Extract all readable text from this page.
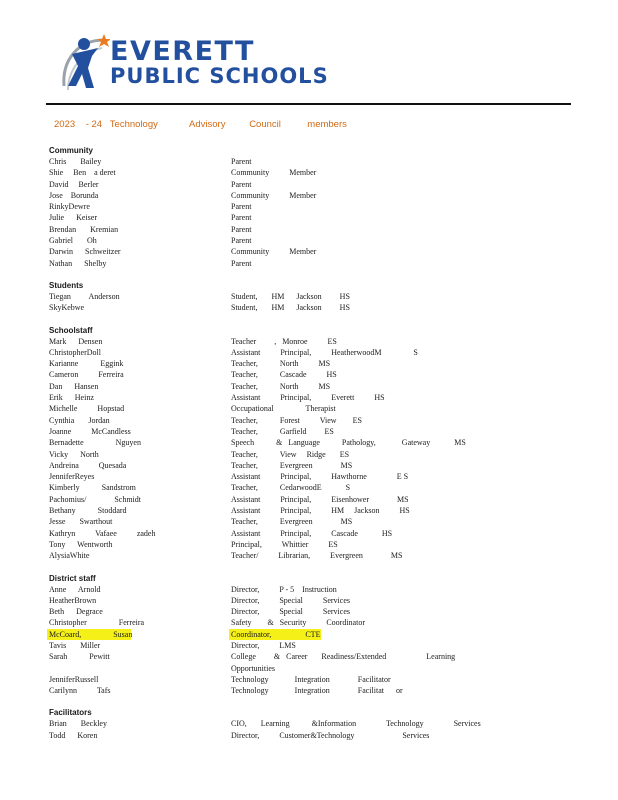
EVERETT
PUBLIC SCHOOLS
2023    - 24   Technology            Advisory         Council          members
Community
Chris       Bailey	Parent
Shie     Ben    a deret	Community          Member
David     Berler	Parent
Jose    Borunda	Community          Member
RinkyDewre	Parent
Julie      Keiser	Parent
Brendan       Kremian	Parent
Gabriel       Oh	Parent
Darwin      Schweitzer	Community          Member
Nathan      Shelby	Parent
Students
Tiegan         Anderson	Student,       HM      Jackson         HS
SkyKebwe	Student,       HM      Jackson         HS
Schoolstaff
Mark      Densen	Teacher         ,   Monroe          ES
ChristopherDoll	Assistant          Principal,          HeatherwoodM                S
Karianne           Eggink	Teacher,           North          MS
Cameron          Ferreira	Teacher,           Cascade          HS
Dan      Hansen	Teacher,           North          MS
Erik      Heinz	Assistant          Principal,          Everett          HS
Michelle          Hopstad	Occupational                Therapist
Cynthia       Jordan	Teacher,           Forest          View        ES
Joanne          McCandless	Teacher,           Garfield         ES
Bernadette                Nguyen	Speech           &   Language           Pathology,             Gateway            MS
Vicky      North	Teacher,           View     Ridge       ES
Andreina          Quesada	Teacher,           Evergreen              MS
JenniferReyes	Assistant          Principal,          Hawthorne               E S
Kimberly           Sandstrom	Teacher,           CedarwoodE            S
Pachomius/              Schmidt	Assistant          Principal,          Eisenhower              MS
Bethany           Stoddard	Assistant          Principal,          HM     Jackson          HS
Jesse       Swarthout	Teacher,           Evergreen              MS
Kathryn          Vafaee          zadeh	Assistant          Principal,          Cascade            HS
Tony      Wentworth	Principal,          Whittier          ES
AlysiaWhite	Teacher/          Librarian,          Evergreen              MS
District staff
Anne      Arnold	Director,          P - 5    Instruction
HeatherBrown	Director,          Special          Services
Beth      Degrace	Director,          Special          Services
Christopher                Ferreira	Safety        &   Security          Coordinator
McCoard,                Susan	Coordinator,                 CTE
Tavis       Miller	Director,          LMS
Sarah           Pewitt	College         &   Career       Readiness/Extended                    Learning
Opportunities
JenniferRussell	Technology             Integration              Facilitator
Carilynn          Tafs	Technology             Integration              Facilitat      or
Facilitators
Brian       Beckley	CIO,       Learning           &Information               Technology               Services
Todd      Koren	Director,          Customer&Technology                        Services
